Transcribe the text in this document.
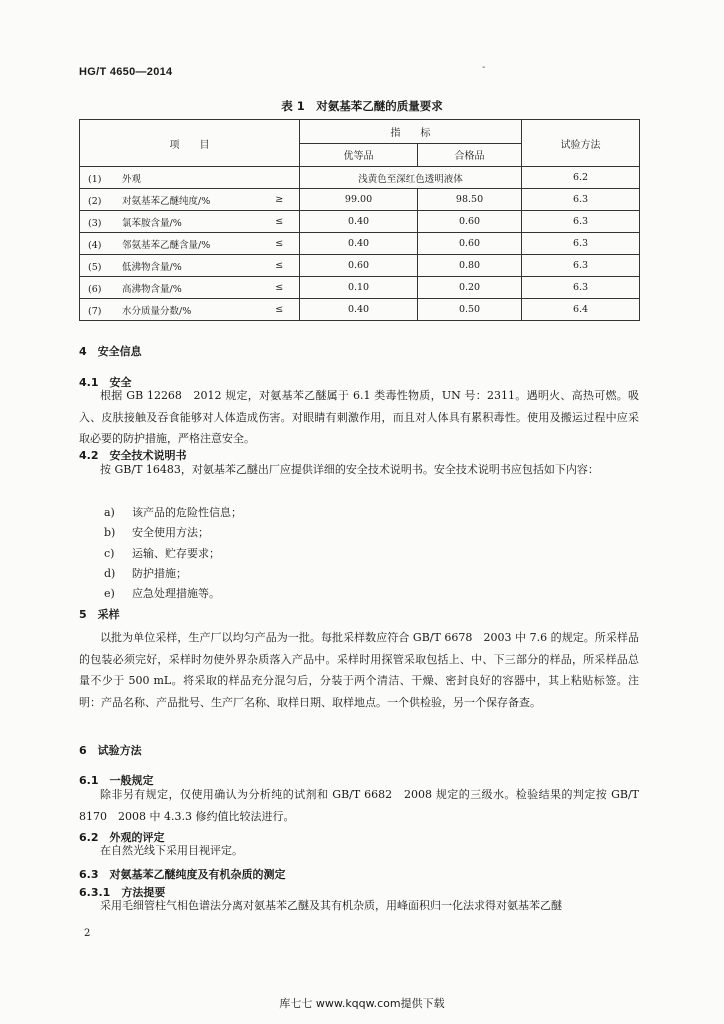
HG/T 4650—2014	-
表 1　对氨基苯乙醚的质量要求
项　　目		指　　标		试验方法
		优等品	合格品	
(1) 外观		浅黄色至深红色透明液体		6.2
(2) 对氨基苯乙醚纯度/%	≥	99.00	98.50	6.3
(3) 氯苯胺含量/%	≤	0.40	0.60	6.3
(4) 邻氨基苯乙醚含量/%	≤	0.40	0.60	6.3
(5) 低沸物含量/%	≤	0.60	0.80	6.3
(6) 高沸物含量/%	≤	0.10	0.20	6.3
(7) 水分质量分数/%	≤	0.40	0.50	6.4
4　安全信息
4.1　安全
根据 GB 12268　2012 规定，对氨基苯乙醚属于 6.1 类毒性物质，UN 号：2311。遇明火、高热可燃。吸入、皮肤接触及吞食能够对人体造成伤害。对眼睛有刺激作用，而且对人体具有累积毒性。使用及搬运过程中应采取必要的防护措施，严格注意安全。
4.2　安全技术说明书
按 GB/T 16483，对氨基苯乙醚出厂应提供详细的安全技术说明书。安全技术说明书应包括如下内容：
a) 该产品的危险性信息；
b) 安全使用方法；
c) 运输、贮存要求；
d) 防护措施；
e) 应急处理措施等。
5　采样
以批为单位采样，生产厂以均匀产品为一批。每批采样数应符合 GB/T 6678　2003 中 7.6 的规定。所采样品的包装必须完好，采样时勿使外界杂质落入产品中。采样时用探管采取包括上、中、下三部分的样品，所采样品总量不少于 500 mL。将采取的样品充分混匀后，分装于两个清洁、干燥、密封良好的容器中，其上粘贴标签。注明：产品名称、产品批号、生产厂名称、取样日期、取样地点。一个供检验，另一个保存备查。
6　试验方法
6.1　一般规定
除非另有规定，仅使用确认为分析纯的试剂和 GB/T 6682　2008 规定的三级水。检验结果的判定按 GB/T 8170　2008 中 4.3.3 修约值比较法进行。
6.2　外观的评定
在自然光线下采用目视评定。
6.3　对氨基苯乙醚纯度及有机杂质的测定
6.3.1　方法提要
采用毛细管柱气相色谱法分离对氨基苯乙醚及其有机杂质，用峰面积归一化法求得对氨基苯乙醚
2
库七七 www.kqqw.com提供下载
